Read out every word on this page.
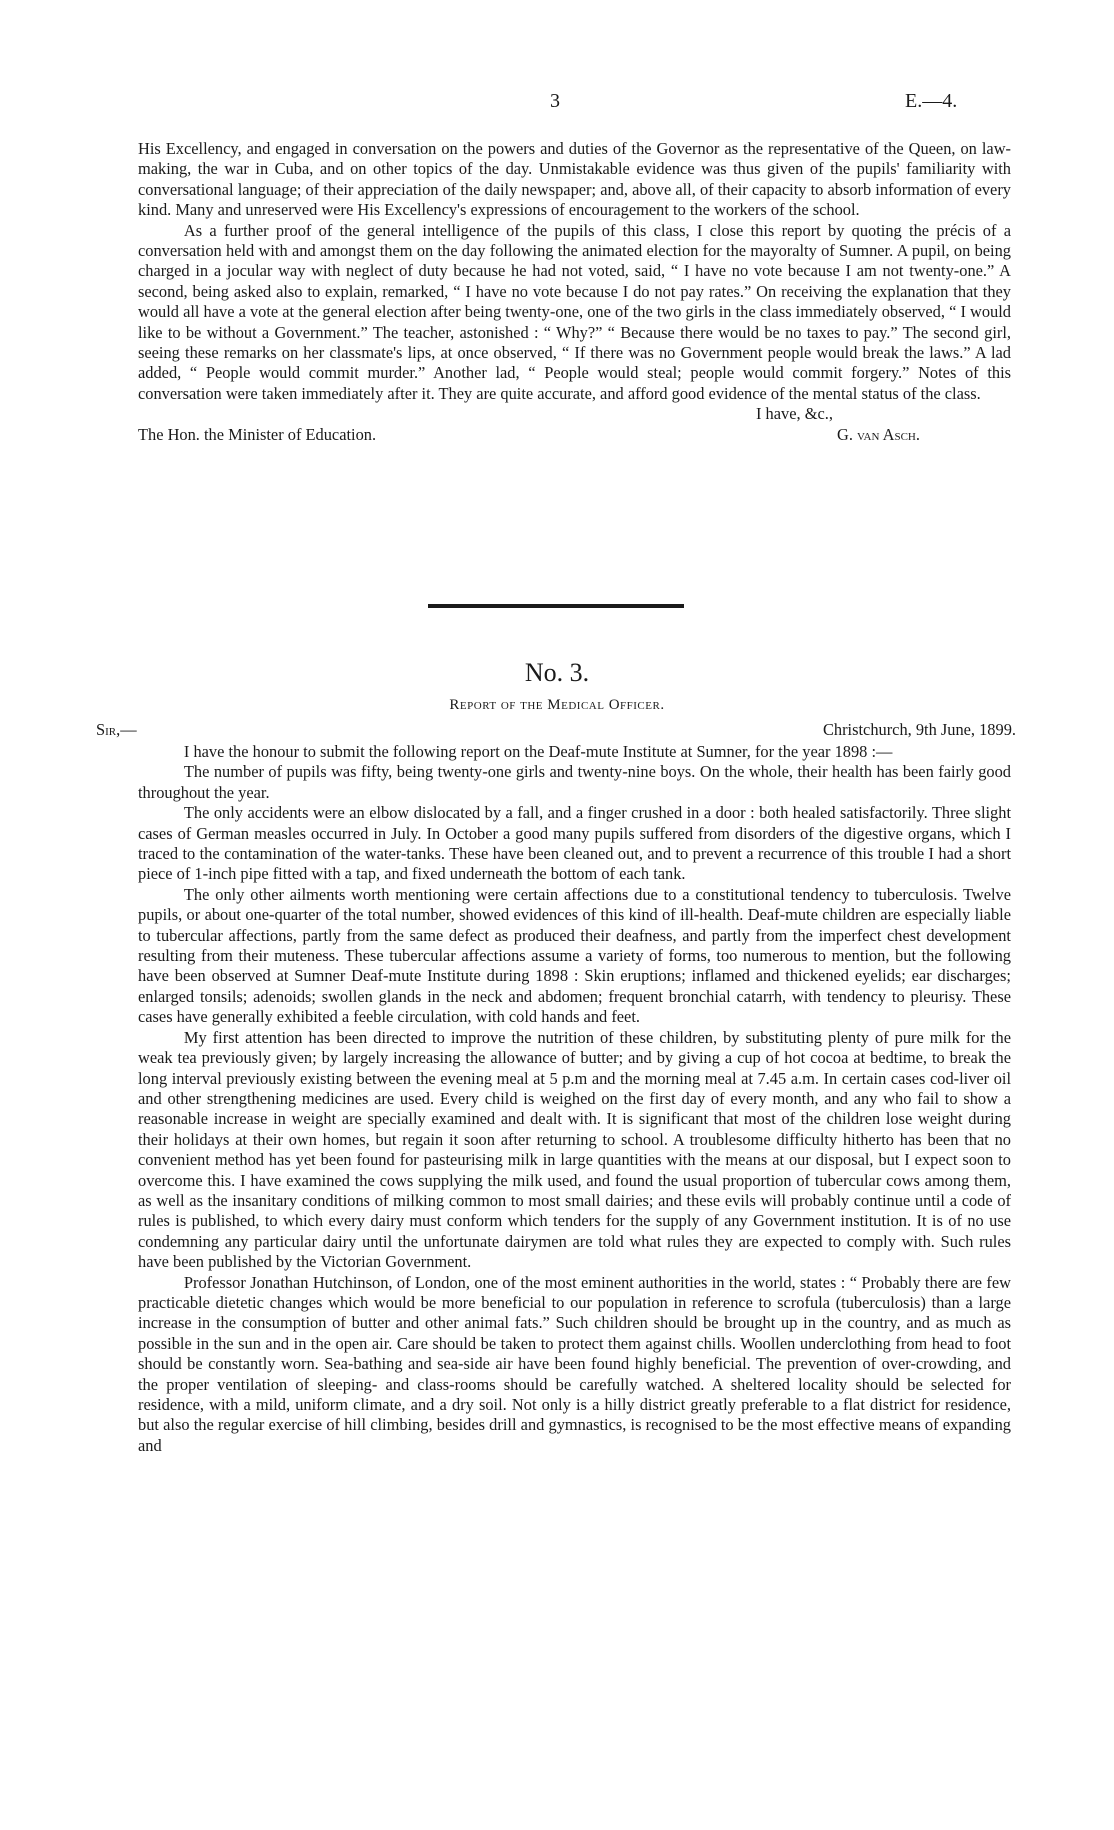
3	E.—4.

His Excellency, and engaged in conversation on the powers and duties of the Governor as the representative of the Queen, on law-making, the war in Cuba, and on other topics of the day. Unmistakable evidence was thus given of the pupils' familiarity with conversational language; of their appreciation of the daily newspaper; and, above all, of their capacity to absorb information of every kind. Many and unreserved were His Excellency's expressions of encouragement to the workers of the school.

As a further proof of the general intelligence of the pupils of this class, I close this report by quoting the précis of a conversation held with and amongst them on the day following the animated election for the mayoralty of Sumner. A pupil, on being charged in a jocular way with neglect of duty because he had not voted, said, “ I have no vote because I am not twenty-one.” A second, being asked also to explain, remarked, “ I have no vote because I do not pay rates.” On receiving the explanation that they would all have a vote at the general election after being twenty-one, one of the two girls in the class immediately observed, “ I would like to be without a Government.” The teacher, astonished : “ Why?” “ Because there would be no taxes to pay.” The second girl, seeing these remarks on her classmate's lips, at once observed, “ If there was no Government people would break the laws.” A lad added, “ People would commit murder.” Another lad, “ People would steal; people would commit forgery.” Notes of this conversation were taken immediately after it. They are quite accurate, and afford good evidence of the mental status of the class.

I have, &c.,
The Hon. the Minister of Education.	G. van Asch.
No. 3.
Report of the Medical Officer.
Sir,—	Christchurch, 9th June, 1899.

I have the honour to submit the following report on the Deaf-mute Institute at Sumner, for the year 1898 :—

The number of pupils was fifty, being twenty-one girls and twenty-nine boys. On the whole, their health has been fairly good throughout the year.

The only accidents were an elbow dislocated by a fall, and a finger crushed in a door : both healed satisfactorily. Three slight cases of German measles occurred in July. In October a good many pupils suffered from disorders of the digestive organs, which I traced to the contamination of the water-tanks. These have been cleaned out, and to prevent a recurrence of this trouble I had a short piece of 1-inch pipe fitted with a tap, and fixed underneath the bottom of each tank.

The only other ailments worth mentioning were certain affections due to a constitutional tendency to tuberculosis. Twelve pupils, or about one-quarter of the total number, showed evidences of this kind of ill-health. Deaf-mute children are especially liable to tubercular affections, partly from the same defect as produced their deafness, and partly from the imperfect chest development resulting from their muteness. These tubercular affections assume a variety of forms, too numerous to mention, but the following have been observed at Sumner Deaf-mute Institute during 1898 : Skin eruptions; inflamed and thickened eyelids; ear discharges; enlarged tonsils; adenoids; swollen glands in the neck and abdomen; frequent bronchial catarrh, with tendency to pleurisy. These cases have generally exhibited a feeble circulation, with cold hands and feet.

My first attention has been directed to improve the nutrition of these children, by substituting plenty of pure milk for the weak tea previously given; by largely increasing the allowance of butter; and by giving a cup of hot cocoa at bedtime, to break the long interval previously existing between the evening meal at 5 p.m and the morning meal at 7.45 a.m. In certain cases cod-liver oil and other strengthening medicines are used. Every child is weighed on the first day of every month, and any who fail to show a reasonable increase in weight are specially examined and dealt with. It is significant that most of the children lose weight during their holidays at their own homes, but regain it soon after returning to school. A troublesome difficulty hitherto has been that no convenient method has yet been found for pasteurising milk in large quantities with the means at our disposal, but I expect soon to overcome this. I have examined the cows supplying the milk used, and found the usual proportion of tubercular cows among them, as well as the insanitary conditions of milking common to most small dairies; and these evils will probably continue until a code of rules is published, to which every dairy must conform which tenders for the supply of any Government institution. It is of no use condemning any particular dairy until the unfortunate dairymen are told what rules they are expected to comply with. Such rules have been published by the Victorian Government.

Professor Jonathan Hutchinson, of London, one of the most eminent authorities in the world, states : “ Probably there are few practicable dietetic changes which would be more beneficial to our population in reference to scrofula (tuberculosis) than a large increase in the consumption of butter and other animal fats.” Such children should be brought up in the country, and as much as possible in the sun and in the open air. Care should be taken to protect them against chills. Woollen underclothing from head to foot should be constantly worn. Sea-bathing and sea-side air have been found highly beneficial. The prevention of over-crowding, and the proper ventilation of sleeping- and class-rooms should be carefully watched. A sheltered locality should be selected for residence, with a mild, uniform climate, and a dry soil. Not only is a hilly district greatly preferable to a flat district for residence, but also the regular exercise of hill climbing, besides drill and gymnastics, is recognised to be the most effective means of expanding and
